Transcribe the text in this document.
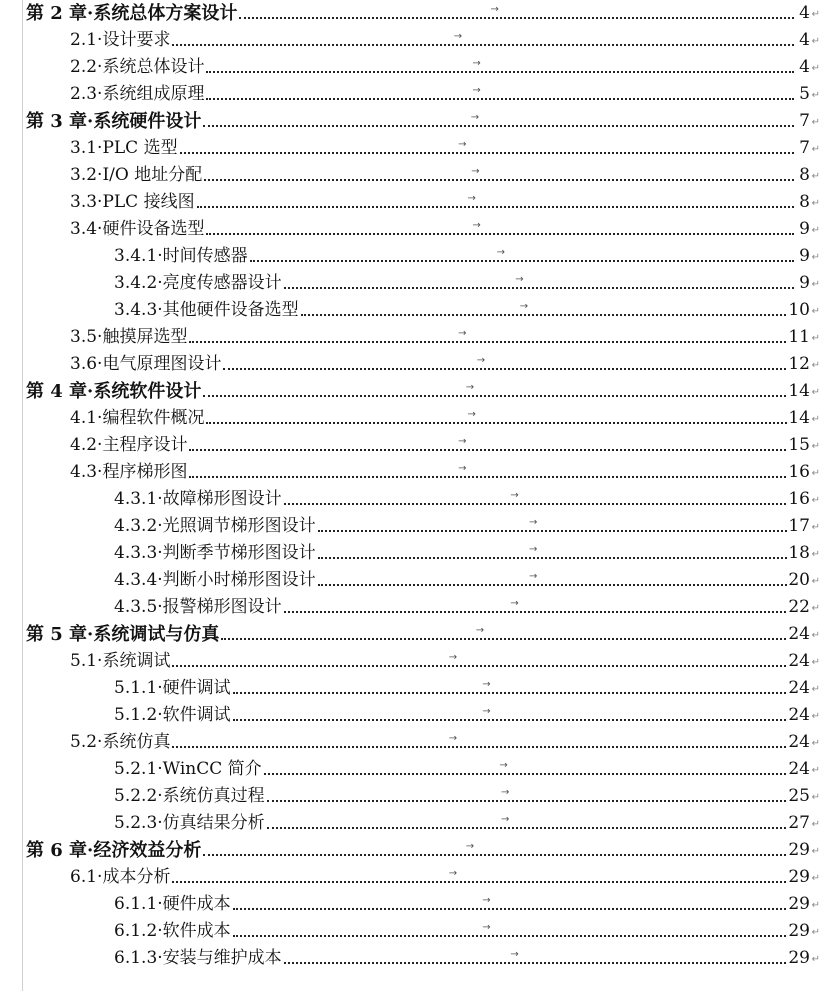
第 2 章·系统总体方案设计	4 ↵
→
2.1·设计要求	4 ↵
→
2.2·系统总体设计	4 ↵
→
2.3·系统组成原理	5 ↵
→
第 3 章·系统硬件设计	7 ↵
→
3.1·PLC 选型	7 ↵
→
3.2·I/O 地址分配	8 ↵
→
3.3·PLC 接线图	8 ↵
→
3.4·硬件设备选型	9 ↵
→
3.4.1·时间传感器	9 ↵
→
3.4.2·亮度传感器设计	9 ↵
→
3.4.3·其他硬件设备选型	10 ↵
→
3.5·触摸屏选型	11 ↵
→
3.6·电气原理图设计	12 ↵
→
第 4 章·系统软件设计	14 ↵
→
4.1·编程软件概况	14 ↵
→
4.2·主程序设计	15 ↵
→
4.3·程序梯形图	16 ↵
→
4.3.1·故障梯形图设计	16 ↵
→
4.3.2·光照调节梯形图设计	17 ↵
→
4.3.3·判断季节梯形图设计	18 ↵
→
4.3.4·判断小时梯形图设计	20 ↵
→
4.3.5·报警梯形图设计	22 ↵
→
第 5 章·系统调试与仿真	24 ↵
→
5.1·系统调试	24 ↵
→
5.1.1·硬件调试	24 ↵
→
5.1.2·软件调试	24 ↵
→
5.2·系统仿真	24 ↵
→
5.2.1·WinCC 简介	24 ↵
→
5.2.2·系统仿真过程	25 ↵
→
5.2.3·仿真结果分析	27 ↵
→
第 6 章·经济效益分析	29 ↵
→
6.1·成本分析	29 ↵
→
6.1.1·硬件成本	29 ↵
→
6.1.2·软件成本	29 ↵
→
6.1.3·安装与维护成本	29 ↵
→
